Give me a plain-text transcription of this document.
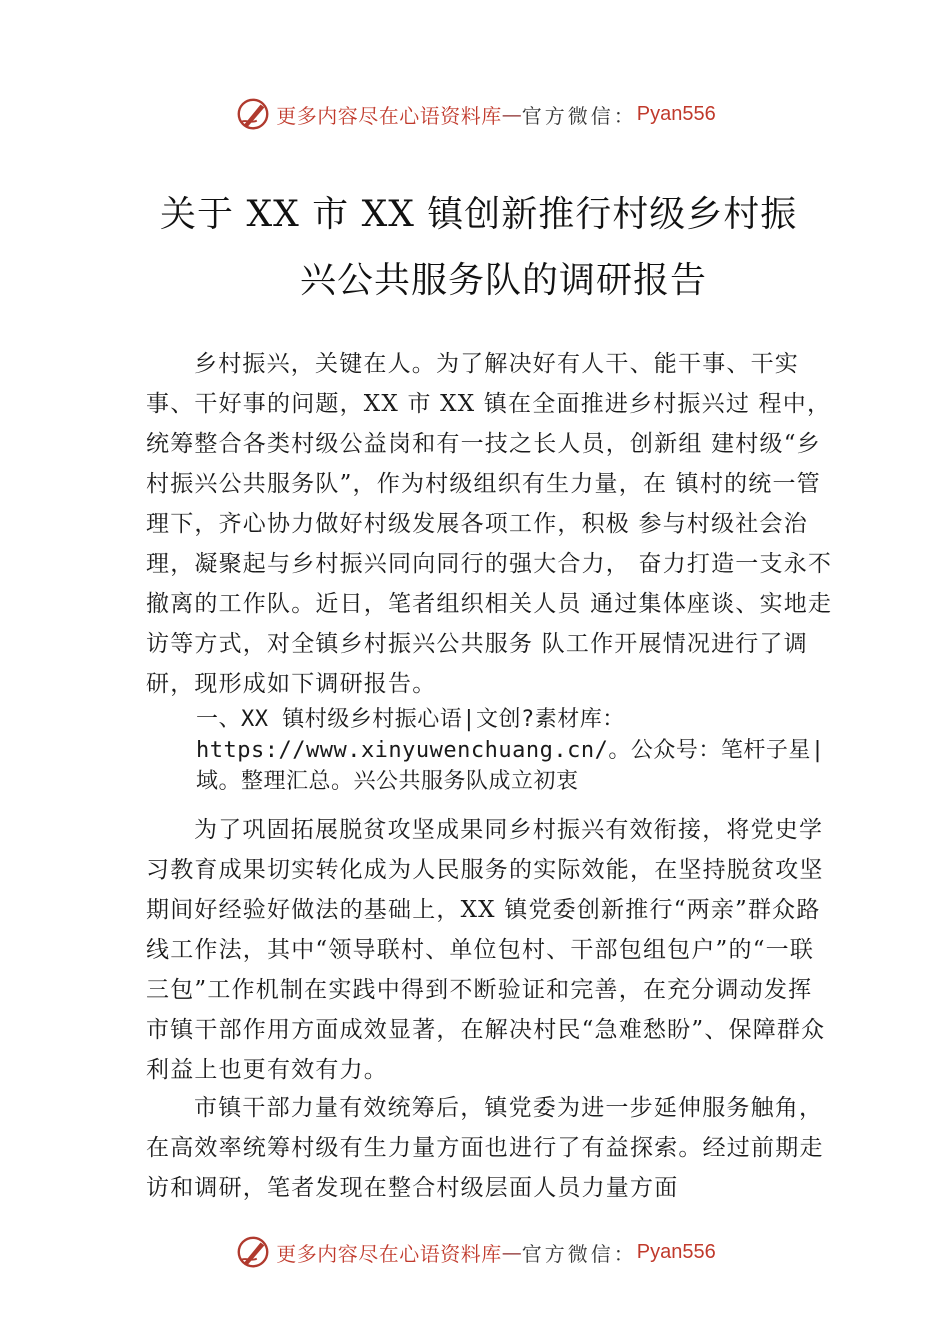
更多内容尽在心语资料库 — 官方微信： Pyan556
关于 XX 市 XX 镇创新推行村级乡村振
兴公共服务队的调研报告

乡村振兴，关键在人。为了解决好有人干、能干事、干实事、干好事的问题，XX 市 XX 镇在全面推进乡村振兴过 程中，统筹整合各类村级公益岗和有一技之长人员，创新组 建村级“乡村振兴公共服务队”，作为村级组织有生力量，在 镇村的统一管理下，齐心协力做好村级发展各项工作，积极 参与村级社会治理，凝聚起与乡村振兴同向同行的强大合力， 奋力打造一支永不撤离的工作队。近日，笔者组织相关人员 通过集体座谈、实地走访等方式，对全镇乡村振兴公共服务 队工作开展情况进行了调研，现形成如下调研报告。

一、XX 镇村级乡村振心语|文创?素材库：https://www.xinyuwenchuang.cn/。公众号：笔杆子星|域。整理汇总。兴公共服务队成立初衷

为了巩固拓展脱贫攻坚成果同乡村振兴有效衔接，将党史学习教育成果切实转化成为人民服务的实际效能，在坚持脱贫攻坚期间好经验好做法的基础上，XX 镇党委创新推行“两亲”群众路线工作法，其中“领导联村、单位包村、干部包组包户”的“一联三包”工作机制在实践中得到不断验证和完善，在充分调动发挥市镇干部作用方面成效显著，在解决村民“急难愁盼”、保障群众利益上也更有效有力。

市镇干部力量有效统筹后，镇党委为进一步延伸服务触角，在高效率统筹村级有生力量方面也进行了有益探索。经过前期走访和调研，笔者发现在整合村级层面人员力量方面

更多内容尽在心语资料库 — 官方微信： Pyan556
